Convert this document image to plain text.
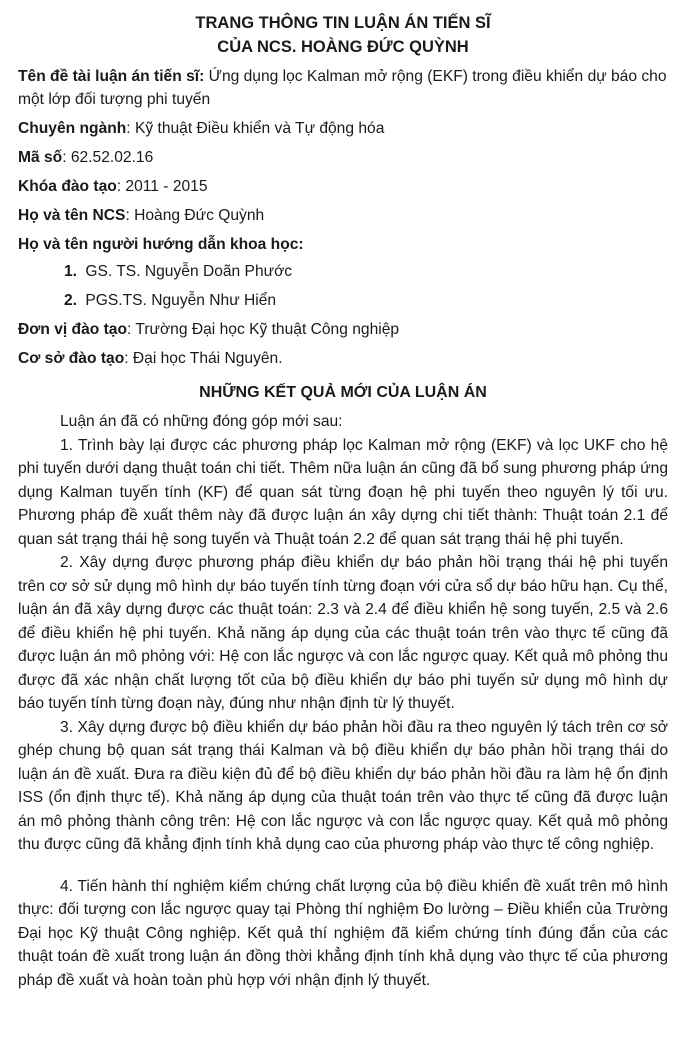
TRANG THÔNG TIN LUẬN ÁN TIẾN SĨ
CỦA NCS. HOÀNG ĐỨC QUỲNH
Tên đề tài luận án tiến sĩ: Ứng dụng lọc Kalman mở rộng (EKF) trong điều khiển dự báo cho một lớp đối tượng phi tuyến
Chuyên ngành: Kỹ thuật Điều khiển và Tự động hóa
Mã số: 62.52.02.16
Khóa đào tạo: 2011 - 2015
Họ và tên NCS: Hoàng Đức Quỳnh
Họ và tên người hướng dẫn khoa học:
1. GS. TS. Nguyễn Doãn Phước
2. PGS.TS. Nguyễn Như Hiển
Đơn vị đào tạo: Trường Đại học Kỹ thuật Công nghiệp
Cơ sở đào tạo: Đại học Thái Nguyên.
NHỮNG KẾT QUẢ MỚI CỦA LUẬN ÁN

Luận án đã có những đóng góp mới sau:

1. Trình bày lại được các phương pháp lọc Kalman mở rộng (EKF) và lọc UKF cho hệ phi tuyến dưới dạng thuật toán chi tiết. Thêm nữa luận án cũng đã bổ sung phương pháp ứng dụng Kalman tuyến tính (KF) để quan sát từng đoạn hệ phi tuyến theo nguyên lý tối ưu. Phương pháp đề xuất thêm này đã được luận án xây dựng chi tiết thành: Thuật toán 2.1 để quan sát trạng thái hệ song tuyến và Thuật toán 2.2 để quan sát trạng thái hệ phi tuyến.

2. Xây dựng được phương pháp điều khiển dự báo phản hồi trạng thái hệ phi tuyến trên cơ sở sử dụng mô hình dự báo tuyến tính từng đoạn với cửa sổ dự báo hữu hạn. Cụ thể, luận án đã xây dựng được các thuật toán: 2.3 và 2.4 để điều khiển hệ song tuyến, 2.5 và 2.6 để điều khiển hệ phi tuyến. Khả năng áp dụng của các thuật toán trên vào thực tế cũng đã được luận án mô phỏng với: Hệ con lắc ngược và con lắc ngược quay. Kết quả mô phỏng thu được đã xác nhận chất lượng tốt của bộ điều khiển dự báo phi tuyến sử dụng mô hình dự báo tuyến tính từng đoạn này, đúng như nhận định từ lý thuyết.

3. Xây dựng được bộ điều khiển dự báo phản hồi đầu ra theo nguyên lý tách trên cơ sở ghép chung bộ quan sát trạng thái Kalman và bộ điều khiển dự báo phản hồi trạng thái do luận án đề xuất. Đưa ra điều kiện đủ để bộ điều khiển dự báo phản hồi đầu ra làm hệ ổn định ISS (ổn định thực tế). Khả năng áp dụng của thuật toán trên vào thực tế cũng đã được luận án mô phỏng thành công trên: Hệ con lắc ngược và con lắc ngược quay. Kết quả mô phỏng thu được cũng đã khẳng định tính khả dụng cao của phương pháp vào thực tế công nghiệp.

4. Tiến hành thí nghiệm kiểm chứng chất lượng của bộ điều khiển đề xuất trên mô hình thực: đối tượng con lắc ngược quay tại Phòng thí nghiệm Đo lường – Điều khiển của Trường Đại học Kỹ thuật Công nghiệp. Kết quả thí nghiệm đã kiểm chứng tính đúng đắn của các thuật toán đề xuất trong luận án đồng thời khẳng định tính khả dụng vào thực tế của phương pháp đề xuất và hoàn toàn phù hợp với nhận định lý thuyết.
